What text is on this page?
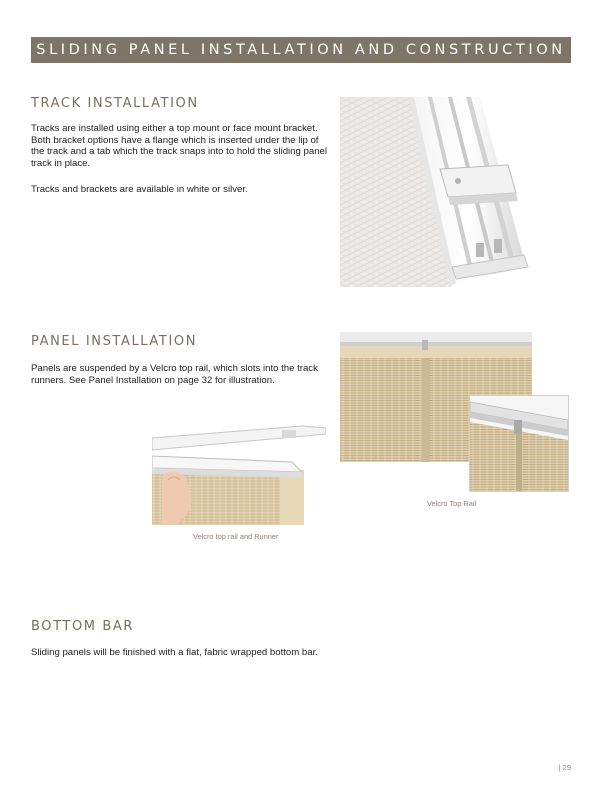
SLIDING PANEL INSTALLATION AND CONSTRUCTION
TRACK INSTALLATION

Tracks are installed using either a top mount or face mount bracket. Both bracket options have a flange which is inserted under the lip of the track and a tab which the track snaps into to hold the sliding panel track in place.

Tracks and brackets are available in white or silver.

PANEL INSTALLATION

Panels are suspended by a Velcro top rail, which slots into the track runners. See Panel Installation on page 32 for illustration.

Velcro top rail and Runner
Velcro Top Rail
BOTTOM BAR

Sliding panels will be finished with a flat, fabric wrapped bottom bar.

| 29
